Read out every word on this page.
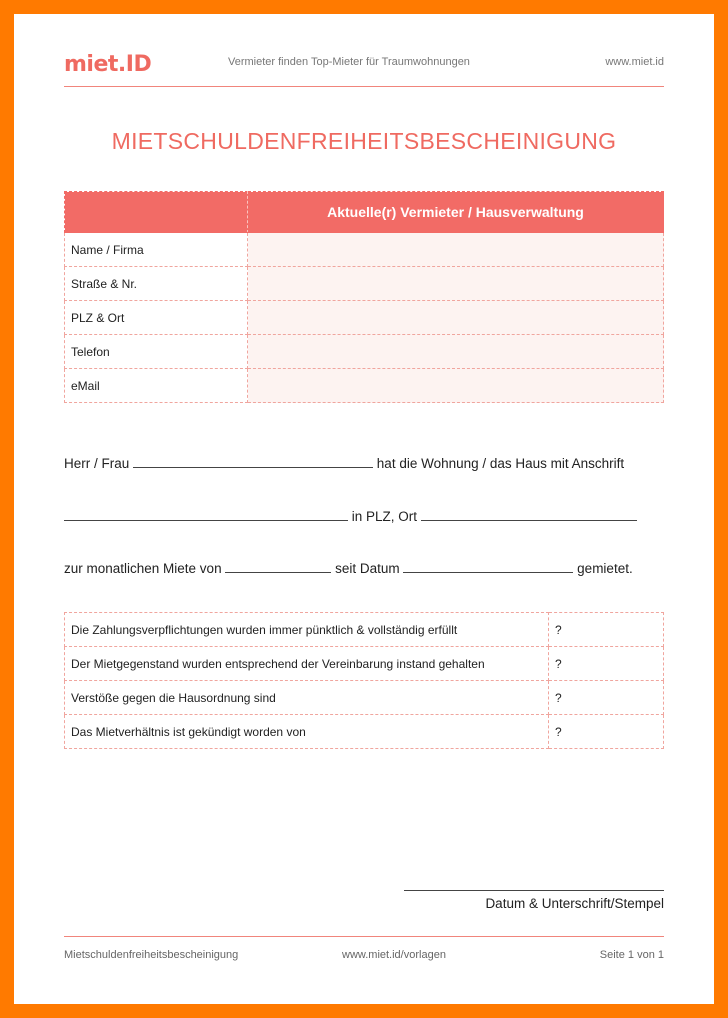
miet.ID	Vermieter finden Top-Mieter für Traumwohnungen	www.miet.id
MIETSCHULDENFREIHEITSBESCHEINIGUNG
	Aktuelle(r) Vermieter / Hausverwaltung
Name / Firma	
Straße & Nr.	
PLZ & Ort	
Telefon	
eMail	
Herr / Frau	hat die Wohnung / das Haus mit Anschrift
in PLZ, Ort
zur monatlichen Miete von	seit Datum	gemietet.
Die Zahlungsverpflichtungen wurden immer pünktlich & vollständig erfüllt	?
Der Mietgegenstand wurden entsprechend der Vereinbarung instand gehalten	?
Verstöße gegen die Hausordnung sind	?
Das Mietverhältnis ist gekündigt worden von	?
Datum & Unterschrift/Stempel
Mietschuldenfreiheitsbescheinigung	www.miet.id/vorlagen	Seite 1 von 1
